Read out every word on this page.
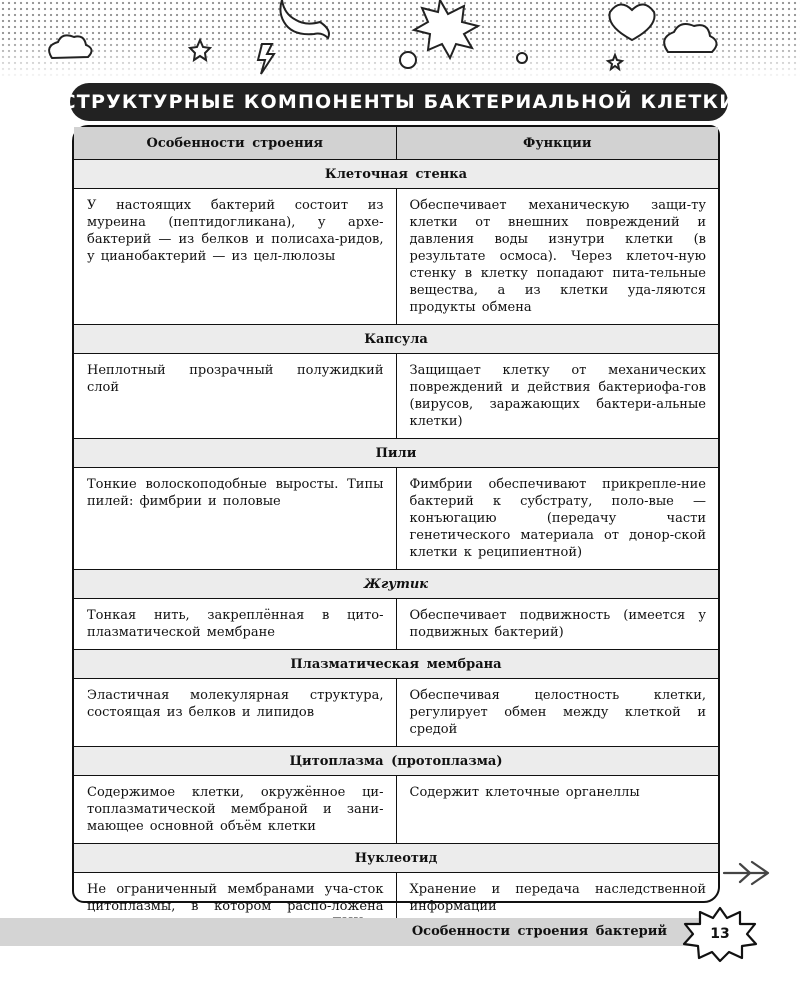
СТРУКТУРНЫЕ КОМПОНЕНТЫ БАКТЕРИАЛЬНОЙ КЛЕТКИ
Особенности строения	Функции
Клеточная стенка
У настоящих бактерий состоит из муреина (пептидогликана), у архе-бактерий — из белков и полисаха-ридов, у цианобактерий — из цел-люлозы
Обеспечивает механическую защи-ту клетки от внешних повреждений и давления воды изнутри клетки (в результате осмоса). Через клеточ-ную стенку в клетку попадают пита-тельные вещества, а из клетки уда-ляются продукты обмена
Капсула
Неплотный прозрачный полужидкий слой
Защищает клетку от механических повреждений и действия бактериофа-гов (вирусов, заражающих бактери-альные клетки)
Пили
Тонкие волоскоподобные выросты. Типы пилей: фимбрии и половые
Фимбрии обеспечивают прикрепле-ние бактерий к субстрату, поло-вые — конъюгацию (передачу части генетического материала от донор-ской клетки к реципиентной)
Жгутик
Тонкая нить, закреплённая в цито-плазматической мембране
Обеспечивает подвижность (имеется у подвижных бактерий)
Плазматическая мембрана
Эластичная молекулярная структура, состоящая из белков и липидов
Обеспечивая целостность клетки, регулирует обмен между клеткой и средой
Цитоплазма (протоплазма)
Содержимое клетки, окружённое ци-топлазматической мембраной и зани-мающее основной объём клетки
Содержит клеточные органеллы
Нуклеотид
Не ограниченный мембранами уча-сток цитоплазмы, в котором распо-ложена
Хранение и передача наследственной информации
Особенности строения бактерий	13
